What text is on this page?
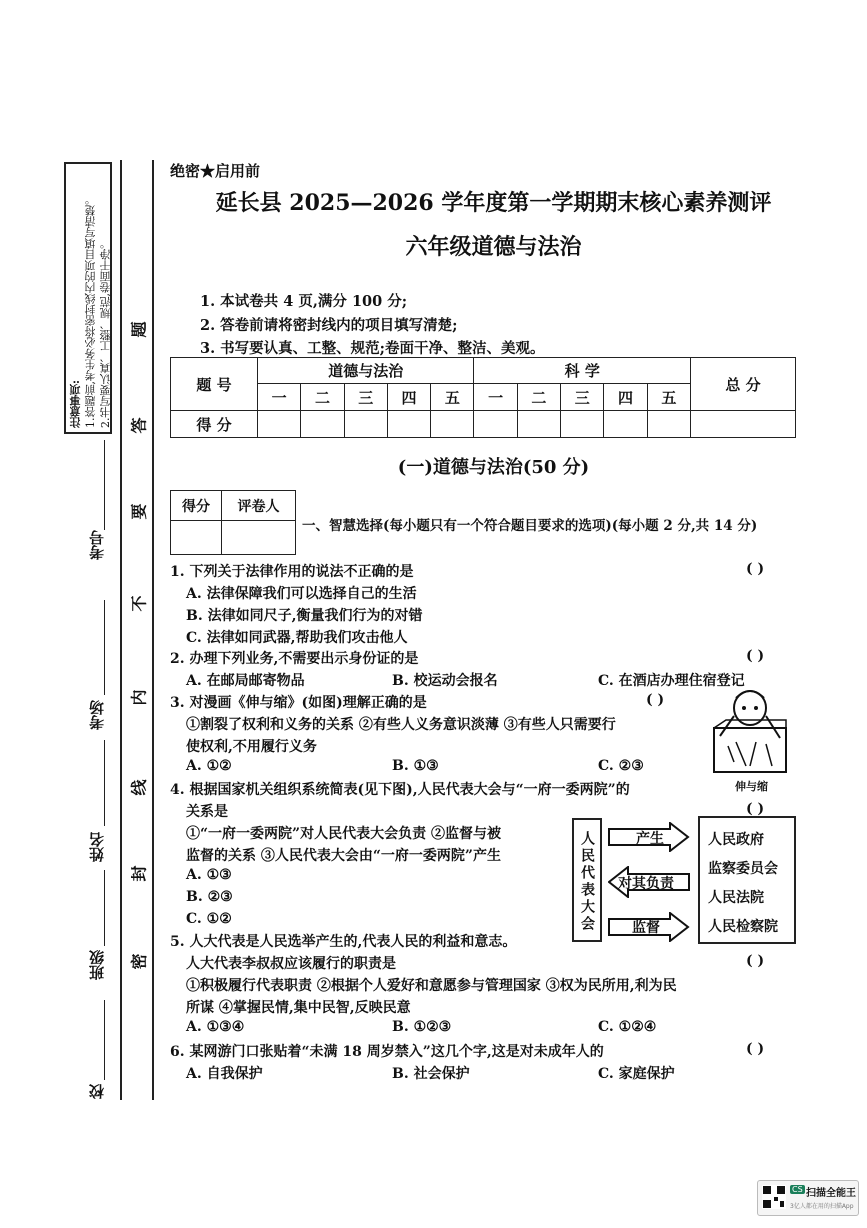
注意事项: 1.答题前,考生务必将密封线内的项目填写清楚。 2.书写要认真、工整、规范,卷面干净。 题
答
要
不
内
线
封
密
考号
考场
姓名
班级
校
绝密★启用前
延长县 2025—2026 学年度第一学期期末核心素养测评
六年级道德与法治
1. 本试卷共 4 页,满分 100 分;
2. 答卷前请将密封线内的项目填写清楚;
3. 书写要认真、工整、规范;卷面干净、整洁、美观。
题 号	道德与法治					科 学					总 分
	一	二	三	四	五	一	二	三	四	五	
得 分											
(一)道德与法治(50 分)
得分	评卷人

一、智慧选择(每小题只有一个符合题目要求的选项)(每小题 2 分,共 14 分)
1. 下列关于法律作用的说法不正确的是	( )
A. 法律保障我们可以选择自己的生活
B. 法律如同尺子,衡量我们行为的对错
C. 法律如同武器,帮助我们攻击他人
2. 办理下列业务,不需要出示身份证的是	( )
A. 在邮局邮寄物品	B. 校运动会报名	C. 在酒店办理住宿登记
3. 对漫画《伸与缩》(如图)理解正确的是	( )
①割裂了权利和义务的关系 ②有些人义务意识淡薄 ③有些人只需要行
使权利,不用履行义务
A. ①②	B. ①③	C. ②③
伸与缩
4. 根据国家机关组织系统简表(见下图),人民代表大会与“一府一委两院”的
关系是	( )
①“一府一委两院”对人民代表大会负责 ②监督与被
监督的关系 ③人民代表大会由“一府一委两院”产生
A. ①③
B. ②③
C. ①②	人民代表大会	产生
对其负责
监督
人民政府
监察委员会
人民法院
人民检察院
5. 人大代表是人民选举产生的,代表人民的利益和意志。
人大代表李叔叔应该履行的职责是	( )
①积极履行代表职责 ②根据个人爱好和意愿参与管理国家 ③权为民所用,利为民
所谋 ④掌握民情,集中民智,反映民意
A. ①③④	B. ①②③	C. ①②④
6. 某网游门口张贴着“未满 18 周岁禁入”这几个字,这是对未成年人的	( )
A. 自我保护	B. 社会保护	C. 家庭保护
CS 扫描全能王
3亿人都在用的扫描App
